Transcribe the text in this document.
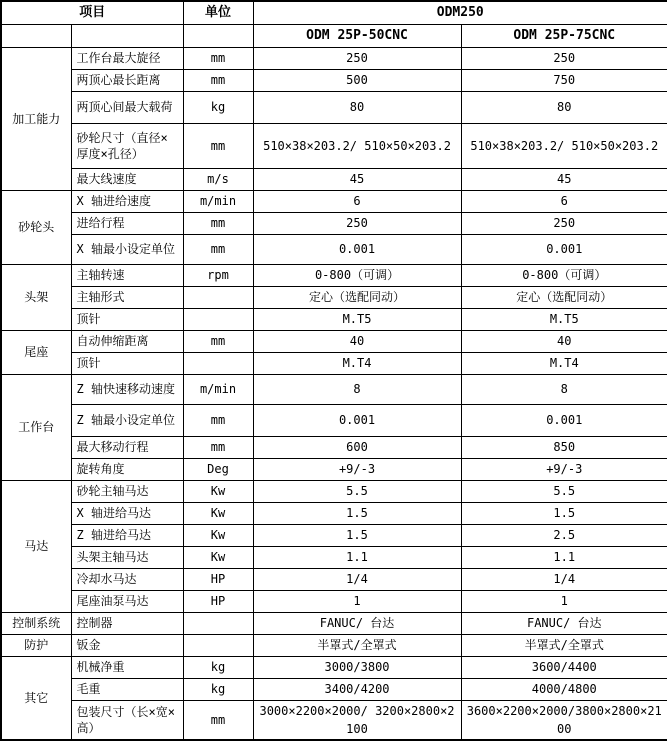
项目		单位	ODM250	
			ODM 25P-50CNC	ODM 25P-75CNC
加工能力	工作台最大旋径	mm	250	250
	两顶心最长距离	mm	500	750
	两顶心间最大载荷	kg	80	80
	砂轮尺寸（直径×厚度×孔径）	mm	510×38×203.2/ 510×50×203.2	510×38×203.2/ 510×50×203.2
	最大线速度	m/s	45	45
砂轮头	X 轴进给速度	m/min	6	6
	进给行程	mm	250	250
	X 轴最小设定单位	mm	0.001	0.001
头架	主轴转速	rpm	0-800（可调）	0-800（可调）
	主轴形式		定心（选配同动）	定心（选配同动）
	顶针		M.T5	M.T5
尾座	自动伸缩距离	mm	40	40
	顶针		M.T4	M.T4
工作台	Z 轴快速移动速度	m/min	8	8
	Z 轴最小设定单位	mm	0.001	0.001
	最大移动行程	mm	600	850
	旋转角度	Deg	+9/-3	+9/-3
马达	砂轮主轴马达	Kw	5.5	5.5
	X 轴进给马达	Kw	1.5	1.5
	Z 轴进给马达	Kw	1.5	2.5
	头架主轴马达	Kw	1.1	1.1
	冷却水马达	HP	1/4	1/4
	尾座油泵马达	HP	1	1
控制系统	控制器		FANUC/ 台达	FANUC/ 台达
防护	钣金		半罩式/全罩式	半罩式/全罩式
其它	机械净重	kg	3000/3800	3600/4400
	毛重	kg	3400/4200	4000/4800
	包装尺寸（长×宽×高）	mm	3000×2200×2000/ 3200×2800×2100	3600×2200×2000/3800×2800×2100
